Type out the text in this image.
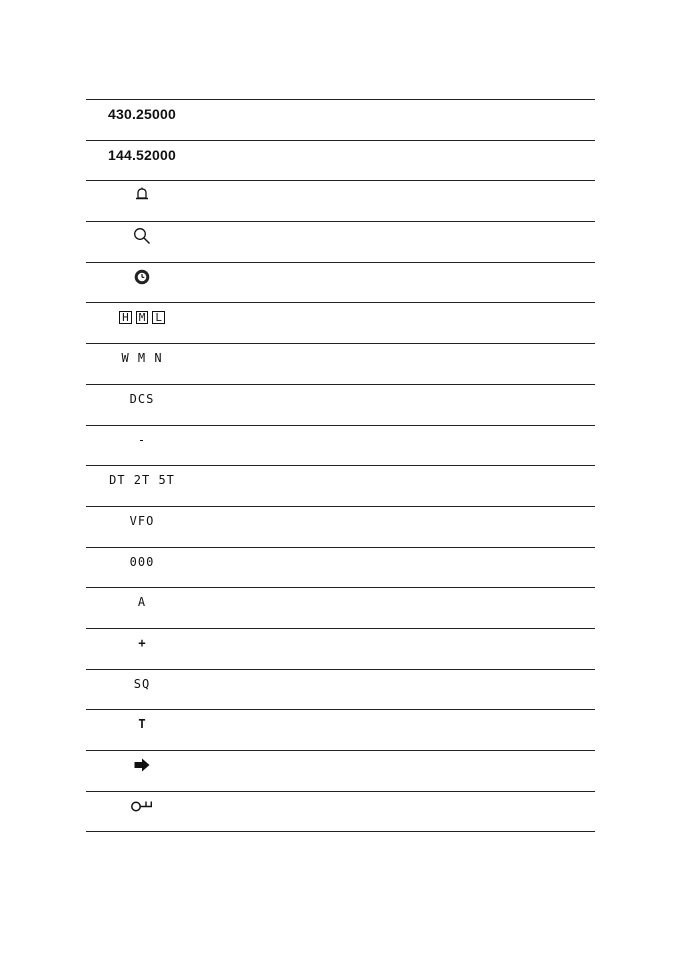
430.25000
144.52000
H M L
W M N
DCS
-
DT 2T 5T
VFO
000
A
+
SQ
T
